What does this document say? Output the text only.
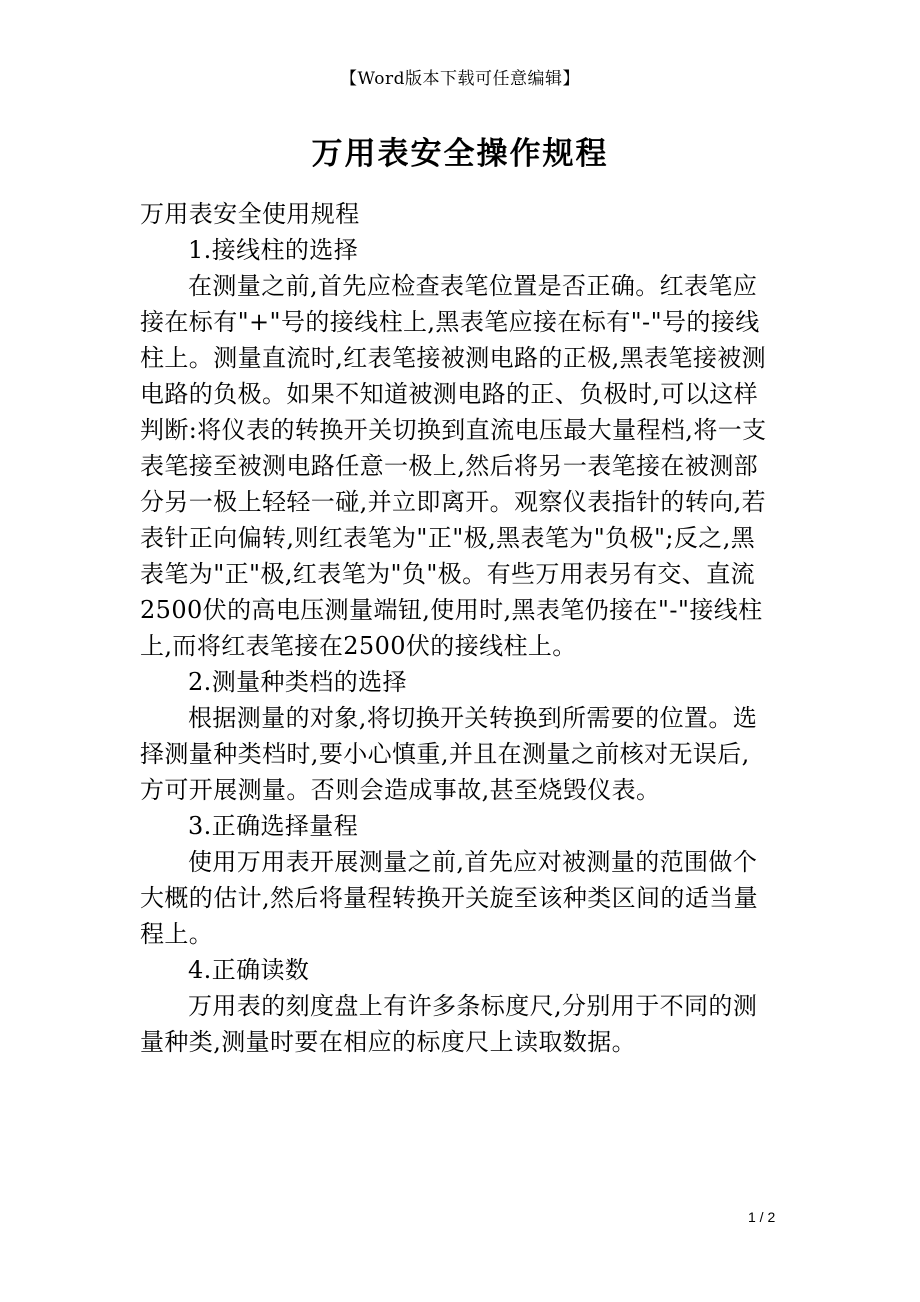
【Word版本下载可任意编辑】
万用表安全操作规程

万用表安全使用规程

1.接线柱的选择

在测量之前,首先应检查表笔位置是否正确。红表笔应

接在标有"+"号的接线柱上,黑表笔应接在标有"-"号的接线

柱上。测量直流时,红表笔接被测电路的正极,黑表笔接被测

电路的负极。如果不知道被测电路的正、负极时,可以这样

判断:将仪表的转换开关切换到直流电压最大量程档,将一支

表笔接至被测电路任意一极上,然后将另一表笔接在被测部

分另一极上轻轻一碰,并立即离开。观察仪表指针的转向,若

表针正向偏转,则红表笔为"正"极,黑表笔为"负极";反之,黑

表笔为"正"极,红表笔为"负"极。有些万用表另有交、直流

2500伏的高电压测量端钮,使用时,黑表笔仍接在"-"接线柱

上,而将红表笔接在2500伏的接线柱上。

2.测量种类档的选择

根据测量的对象,将切换开关转换到所需要的位置。选

择测量种类档时,要小心慎重,并且在测量之前核对无误后,

方可开展测量。否则会造成事故,甚至烧毁仪表。

3.正确选择量程

使用万用表开展测量之前,首先应对被测量的范围做个

大概的估计,然后将量程转换开关旋至该种类区间的适当量

程上。

4.正确读数

万用表的刻度盘上有许多条标度尺,分别用于不同的测

量种类,测量时要在相应的标度尺上读取数据。

1 / 2
